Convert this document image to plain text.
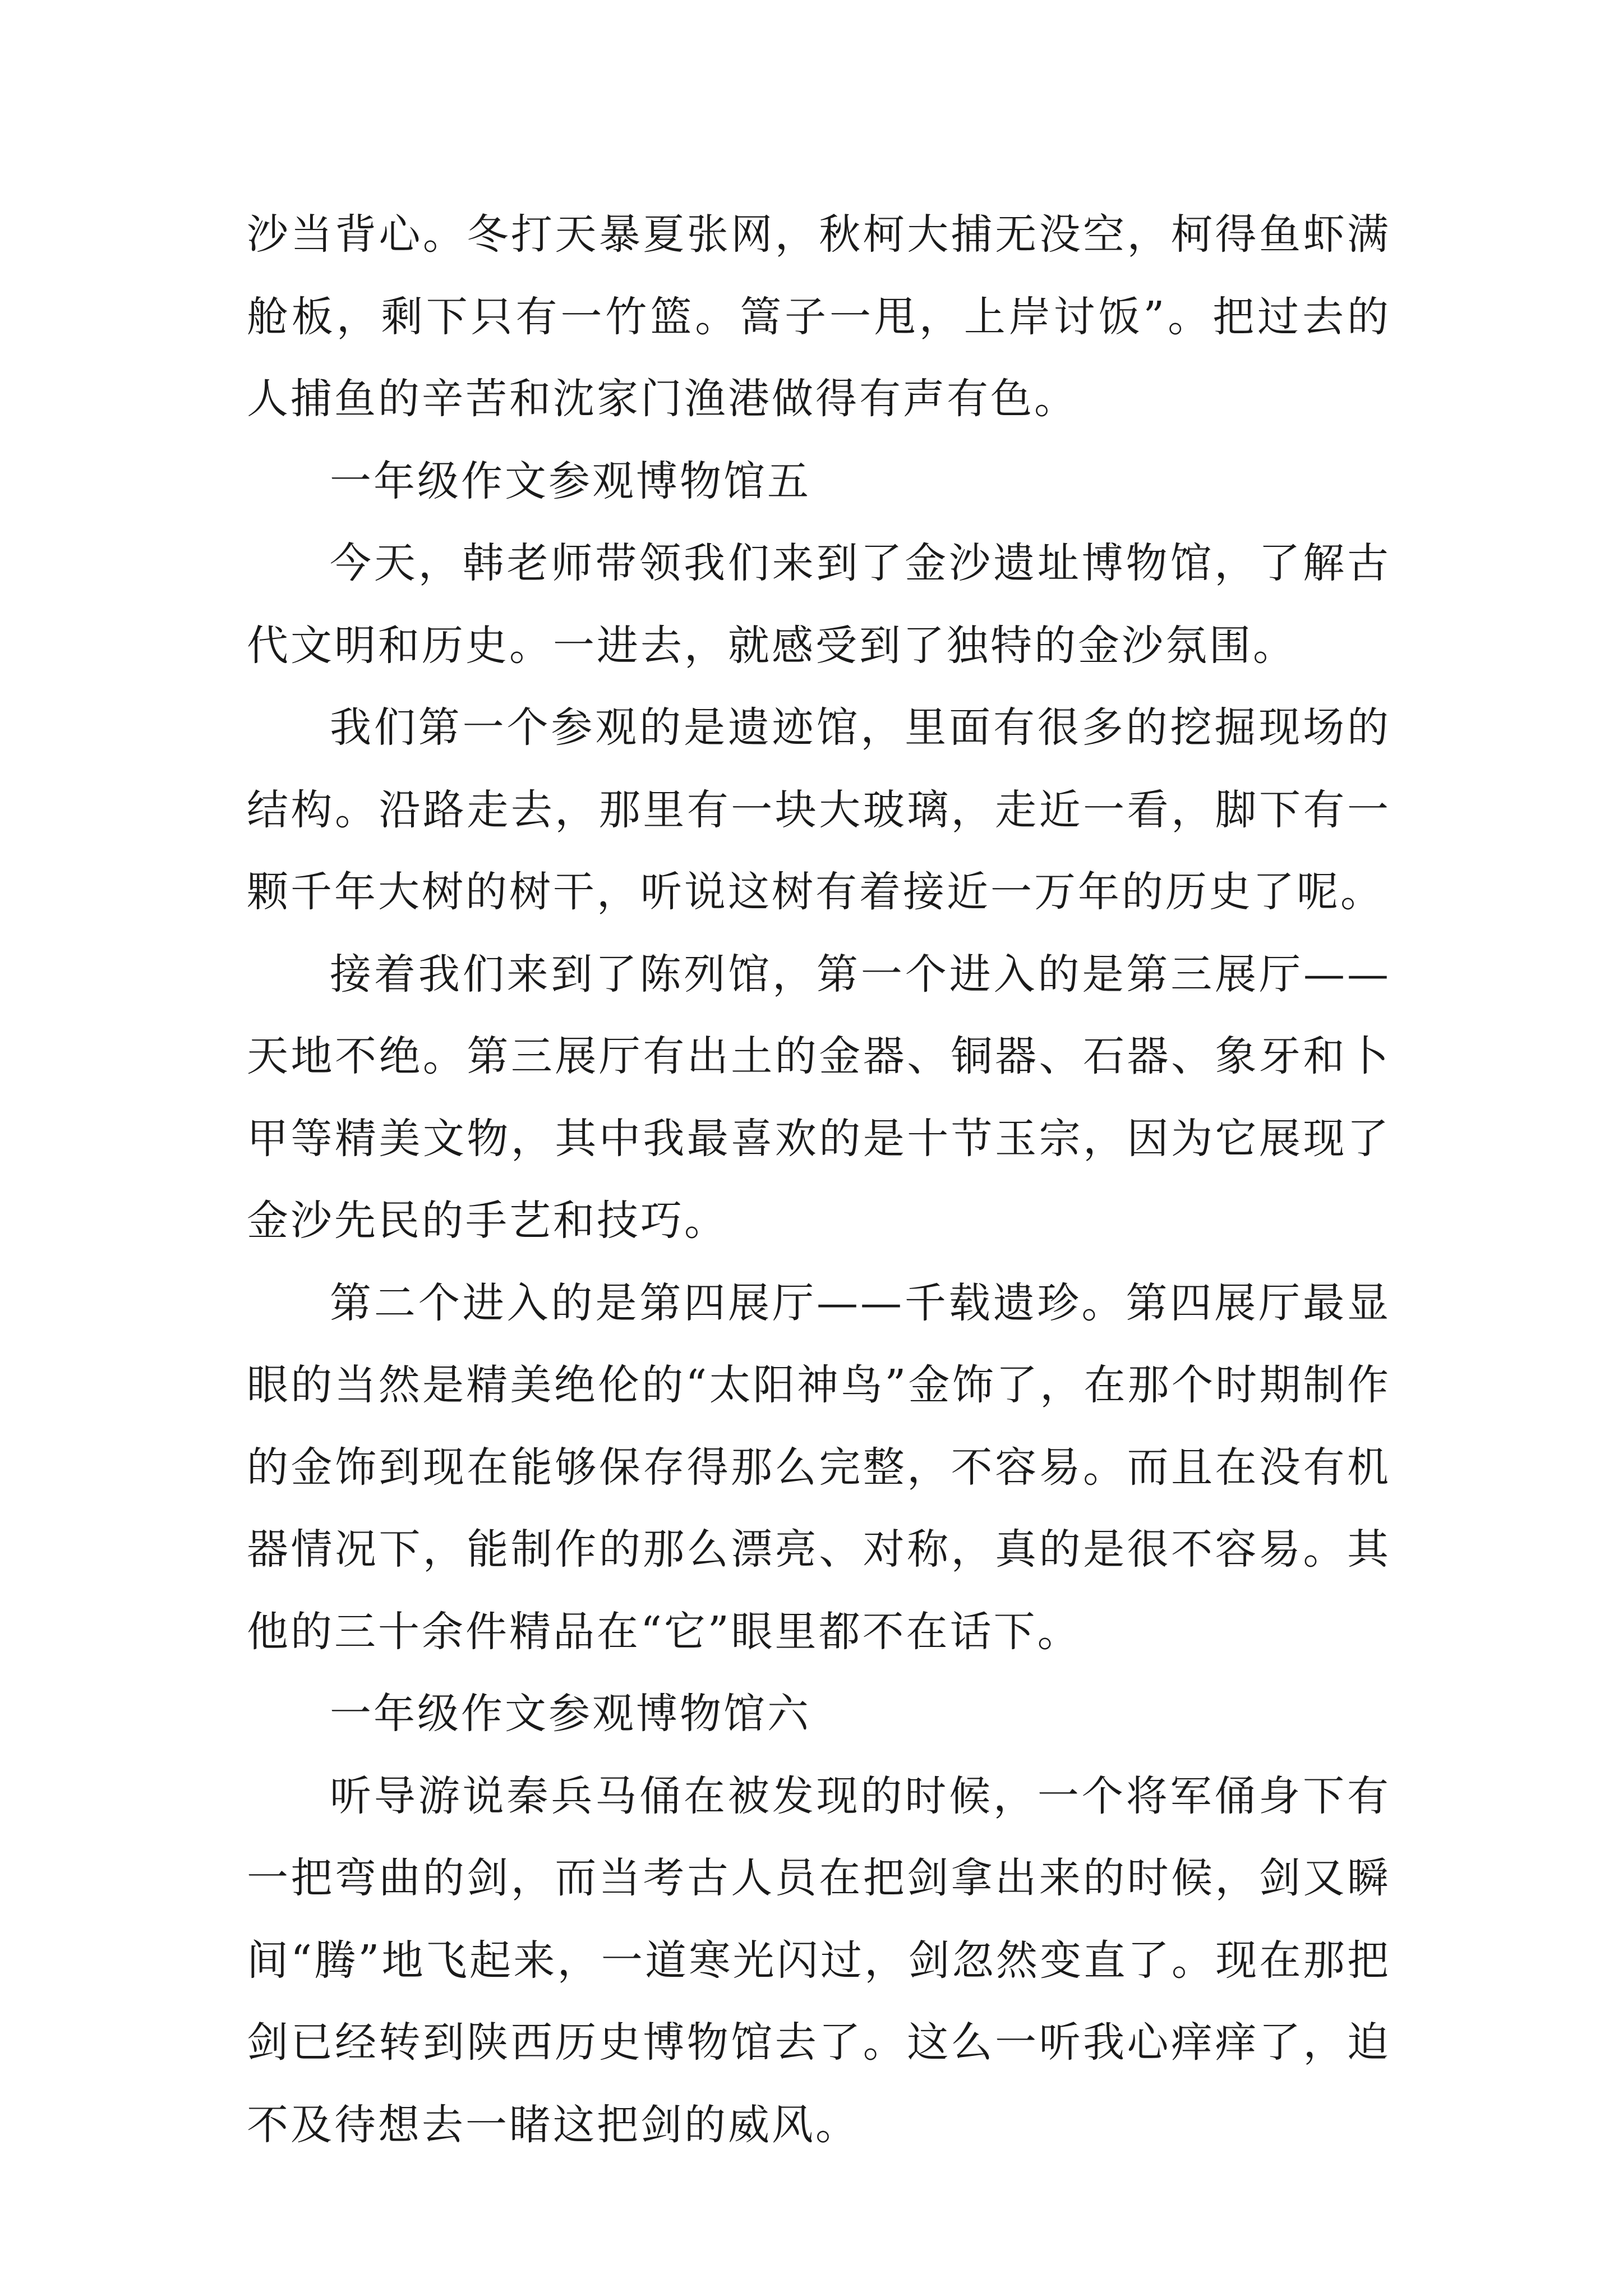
沙当背心。冬打天暴夏张网，秋柯大捕无没空，柯得鱼虾满舱板，剩下只有一竹篮。篙子一甩，上岸讨饭”。把过去的人捕鱼的辛苦和沈家门渔港做得有声有色。

一年级作文参观博物馆五

今天，韩老师带领我们来到了金沙遗址博物馆，了解古代文明和历史。一进去，就感受到了独特的金沙氛围。

我们第一个参观的是遗迹馆，里面有很多的挖掘现场的结构。沿路走去，那里有一块大玻璃，走近一看，脚下有一颗千年大树的树干，听说这树有着接近一万年的历史了呢。

接着我们来到了陈列馆，第一个进入的是第三展厅——天地不绝。第三展厅有出土的金器、铜器、石器、象牙和卜甲等精美文物，其中我最喜欢的是十节玉宗，因为它展现了金沙先民的手艺和技巧。

第二个进入的是第四展厅——千载遗珍。第四展厅最显眼的当然是精美绝伦的“太阳神鸟”金饰了，在那个时期制作的金饰到现在能够保存得那么完整，不容易。而且在没有机器情况下，能制作的那么漂亮、对称，真的是很不容易。其他的三十余件精品在“它”眼里都不在话下。

一年级作文参观博物馆六

听导游说秦兵马俑在被发现的时候，一个将军俑身下有一把弯曲的剑，而当考古人员在把剑拿出来的时候，剑又瞬间“腾”地飞起来，一道寒光闪过，剑忽然变直了。现在那把剑已经转到陕西历史博物馆去了。这么一听我心痒痒了，迫不及待想去一睹这把剑的威风。
